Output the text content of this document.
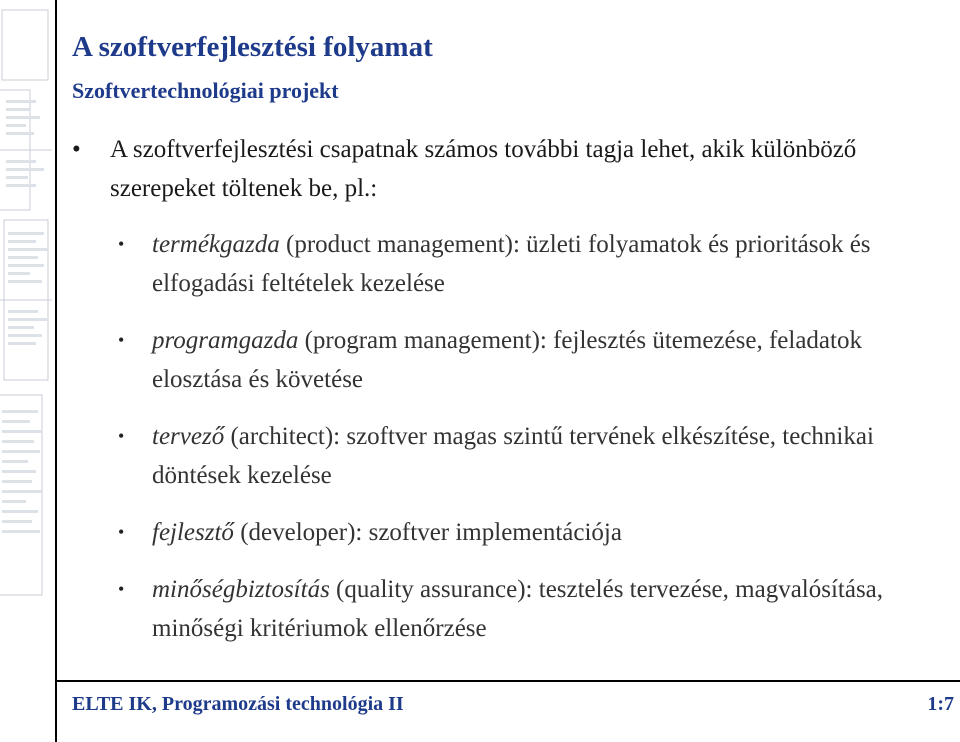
A szoftverfejlesztési folyamat
Szoftvertechnológiai projekt
• A szoftverfejlesztési csapatnak számos további tagja lehet, akik különböző szerepeket töltenek be, pl.:
• termékgazda (product management): üzleti folyamatok és prioritások és elfogadási feltételek kezelése
• programgazda (program management): fejlesztés ütemezése, feladatok elosztása és követése
• tervező (architect): szoftver magas szintű tervének elkészítése, technikai döntések kezelése
• fejlesztő (developer): szoftver implementációja
• minőségbiztosítás (quality assurance): tesztelés tervezése, magvalósítása, minőségi kritériumok ellenőrzése
ELTE IK, Programozási technológia II	1:7
